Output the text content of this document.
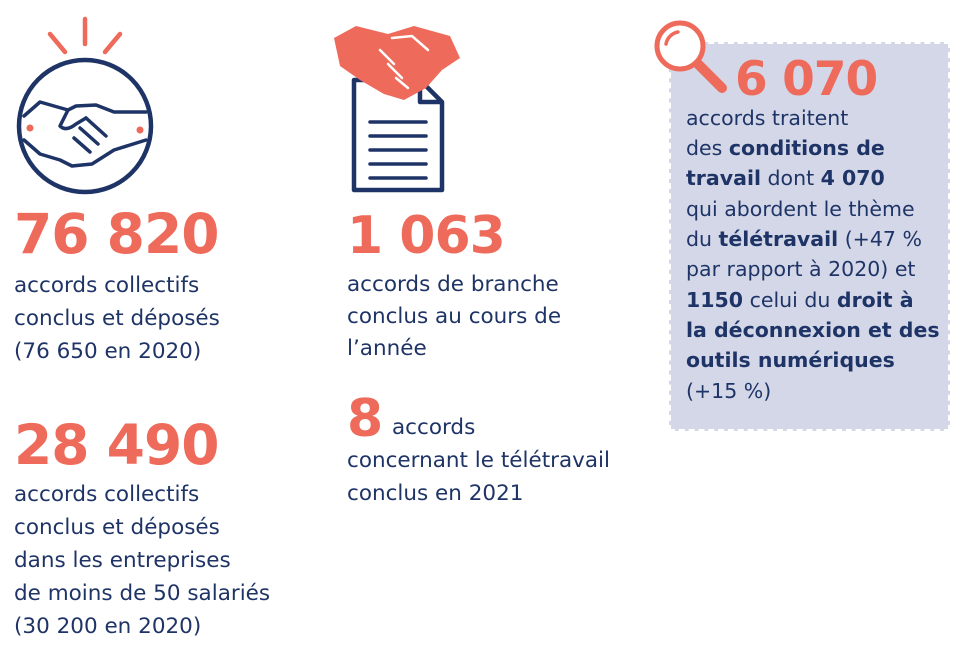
76 820
accords collectifs
conclus et déposés
(76 650 en 2020)
28 490
accords collectifs
conclus et déposés
dans les entreprises
de moins de 50 salariés
(30 200 en 2020)
1 063
accords de branche
conclus au cours de
l’année
8 accords
concernant le télétravail
conclus en 2021
6 070
accords traitent
des conditions de
travail dont 4 070
qui abordent le thème
du télétravail (+47 %
par rapport à 2020) et
1150 celui du droit à
la déconnexion et des
outils numériques
(+15 %)
